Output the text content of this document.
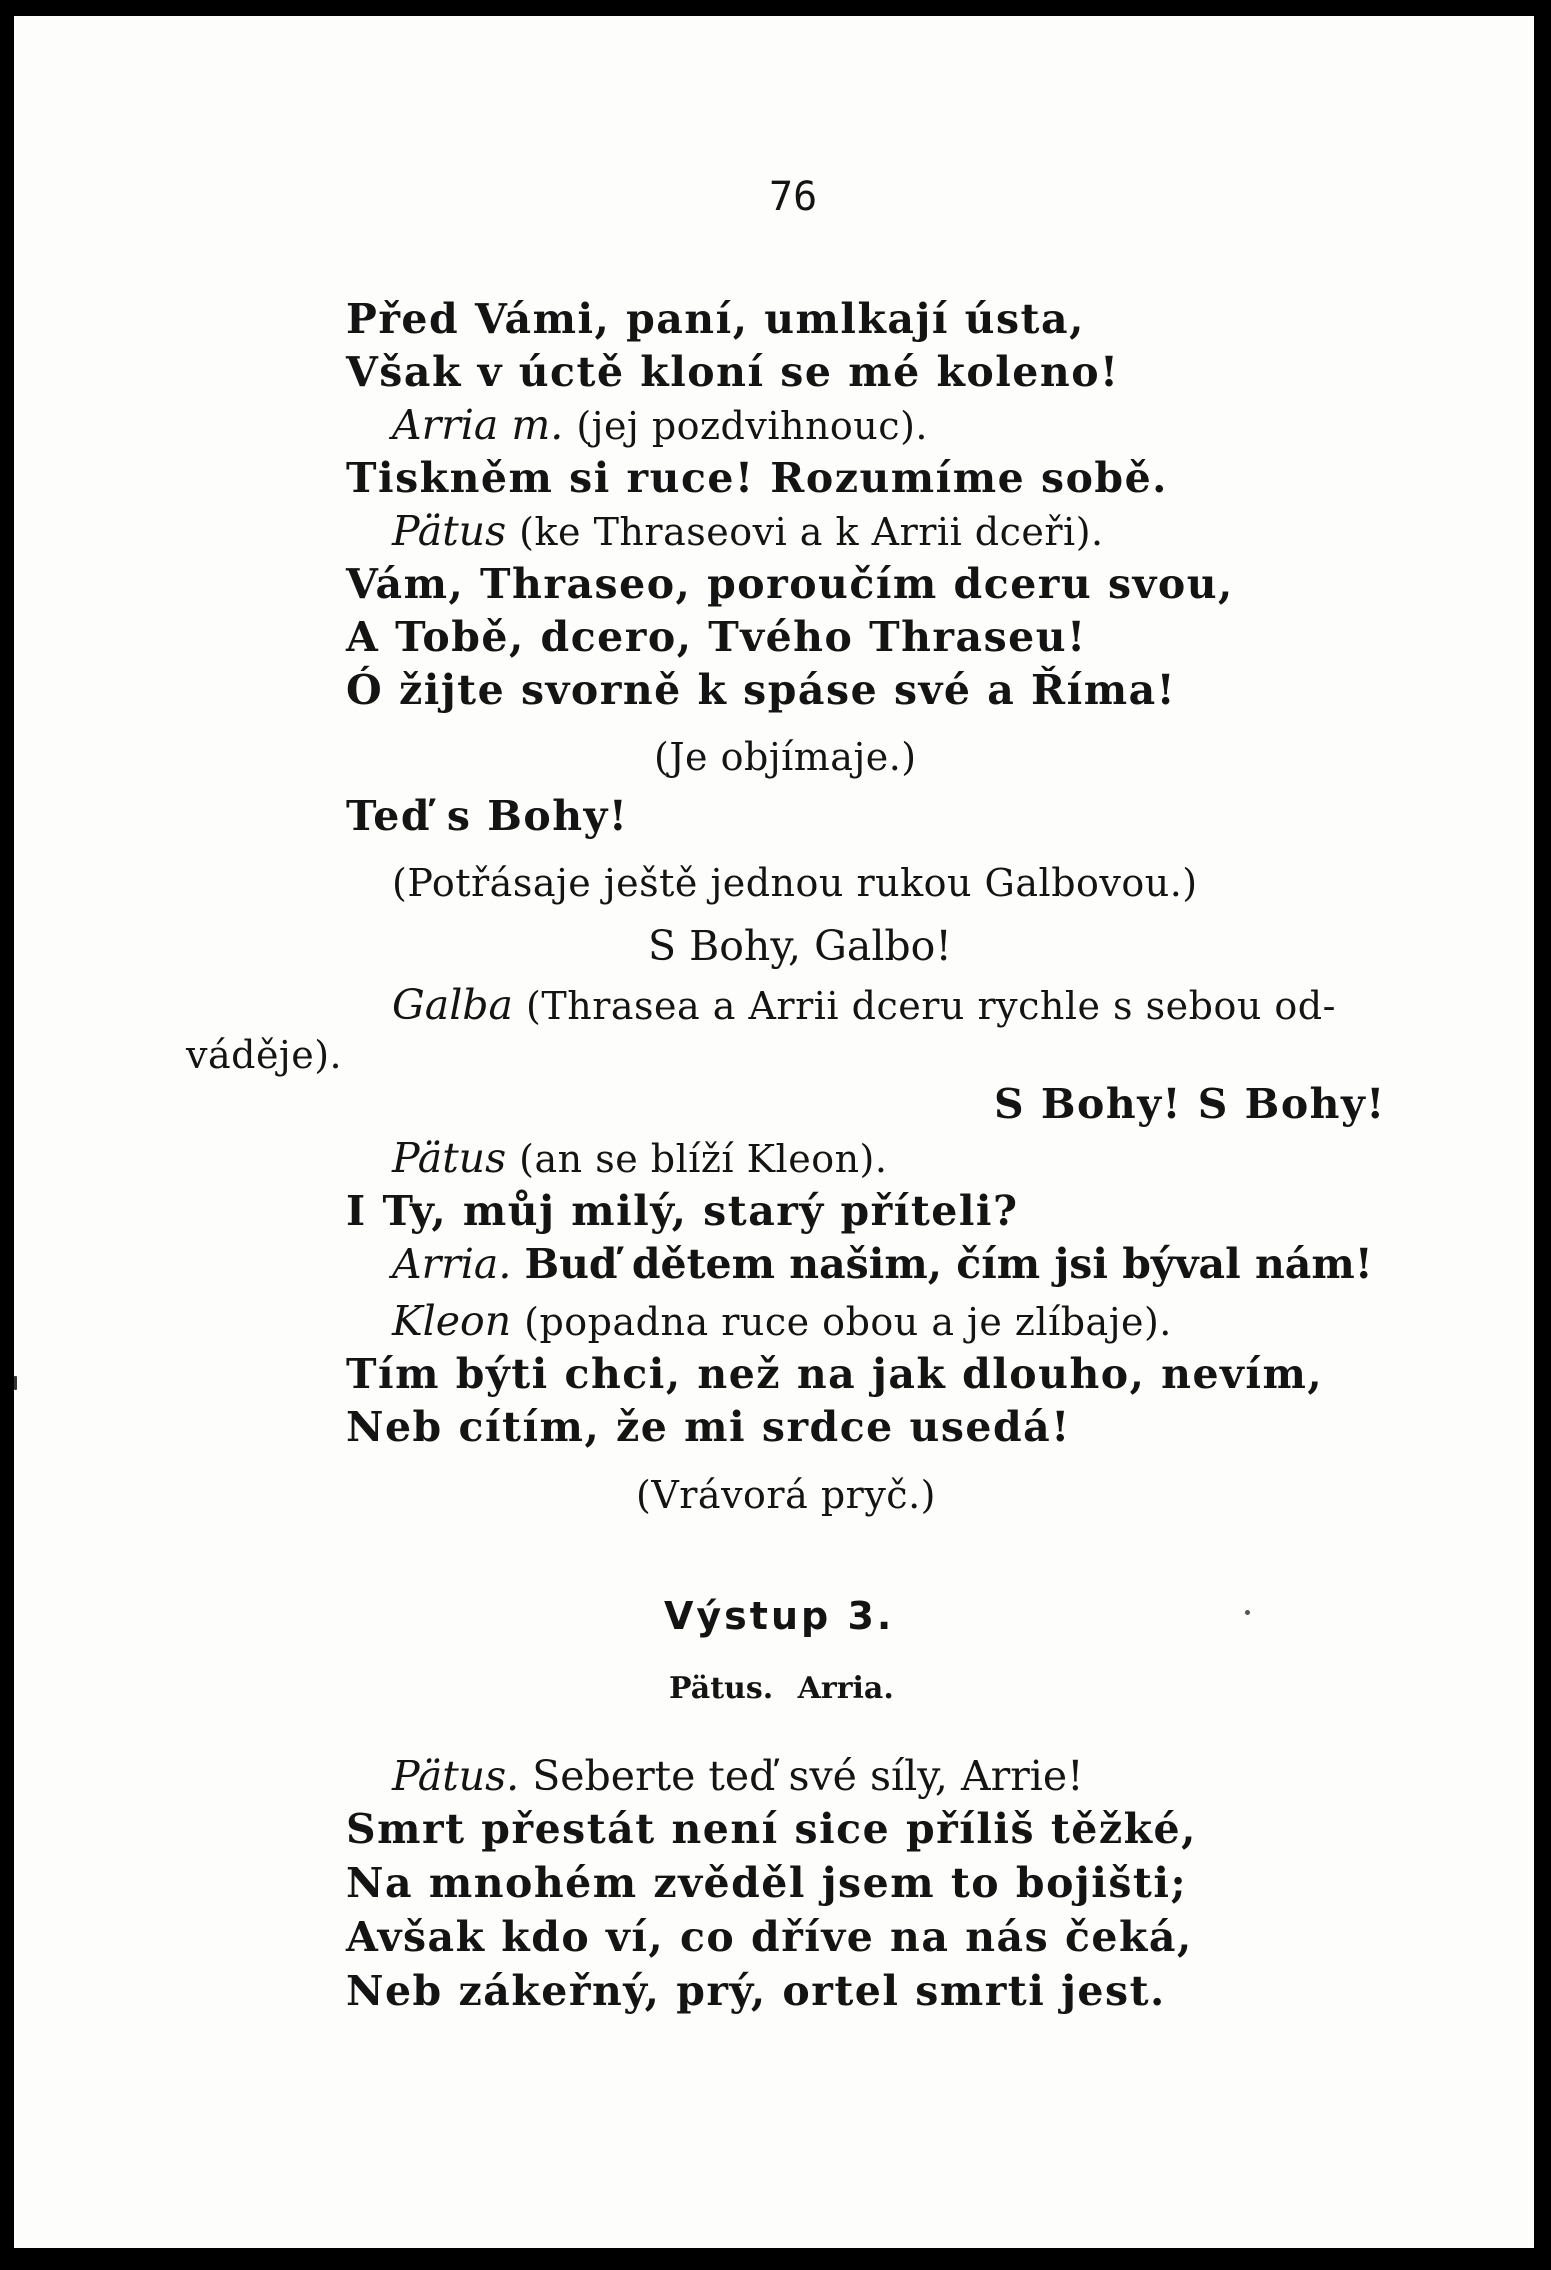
76
Před Vámi, paní, umlkají ústa,
Však v úctě kloní se mé koleno!
Arria m. (jej pozdvihnouc).
Tiskněm si ruce! Rozumíme sobě.
Pätus (ke Thraseovi a k Arrii dceři).
Vám, Thraseo, poroučím dceru svou,
A Tobě, dcero, Tvého Thraseu!
Ó žijte svorně k spáse své a Říma!
(Je objímaje.)
Teď s Bohy!
(Potřásaje ještě jednou rukou Galbovou.)
S Bohy, Galbo!
Galba (Thrasea a Arrii dceru rychle s sebou od-
váděje).
S Bohy! S Bohy!
Pätus (an se blíží Kleon).
I Ty, můj milý, starý příteli?
Arria. Buď dětem našim, čím jsi býval nám!
Kleon (popadna ruce obou a je zlíbaje).
Tím býti chci, než na jak dlouho, nevím,
Neb cítím, že mi srdce usedá!
(Vrávorá pryč.)
Výstup 3.
Pätus. Arria.
Pätus. Seberte teď své síly, Arrie!
Smrt přestát není sice příliš těžké,
Na mnohém zvěděl jsem to bojišti;
Avšak kdo ví, co dříve na nás čeká,
Neb zákeřný, prý, ortel smrti jest.
